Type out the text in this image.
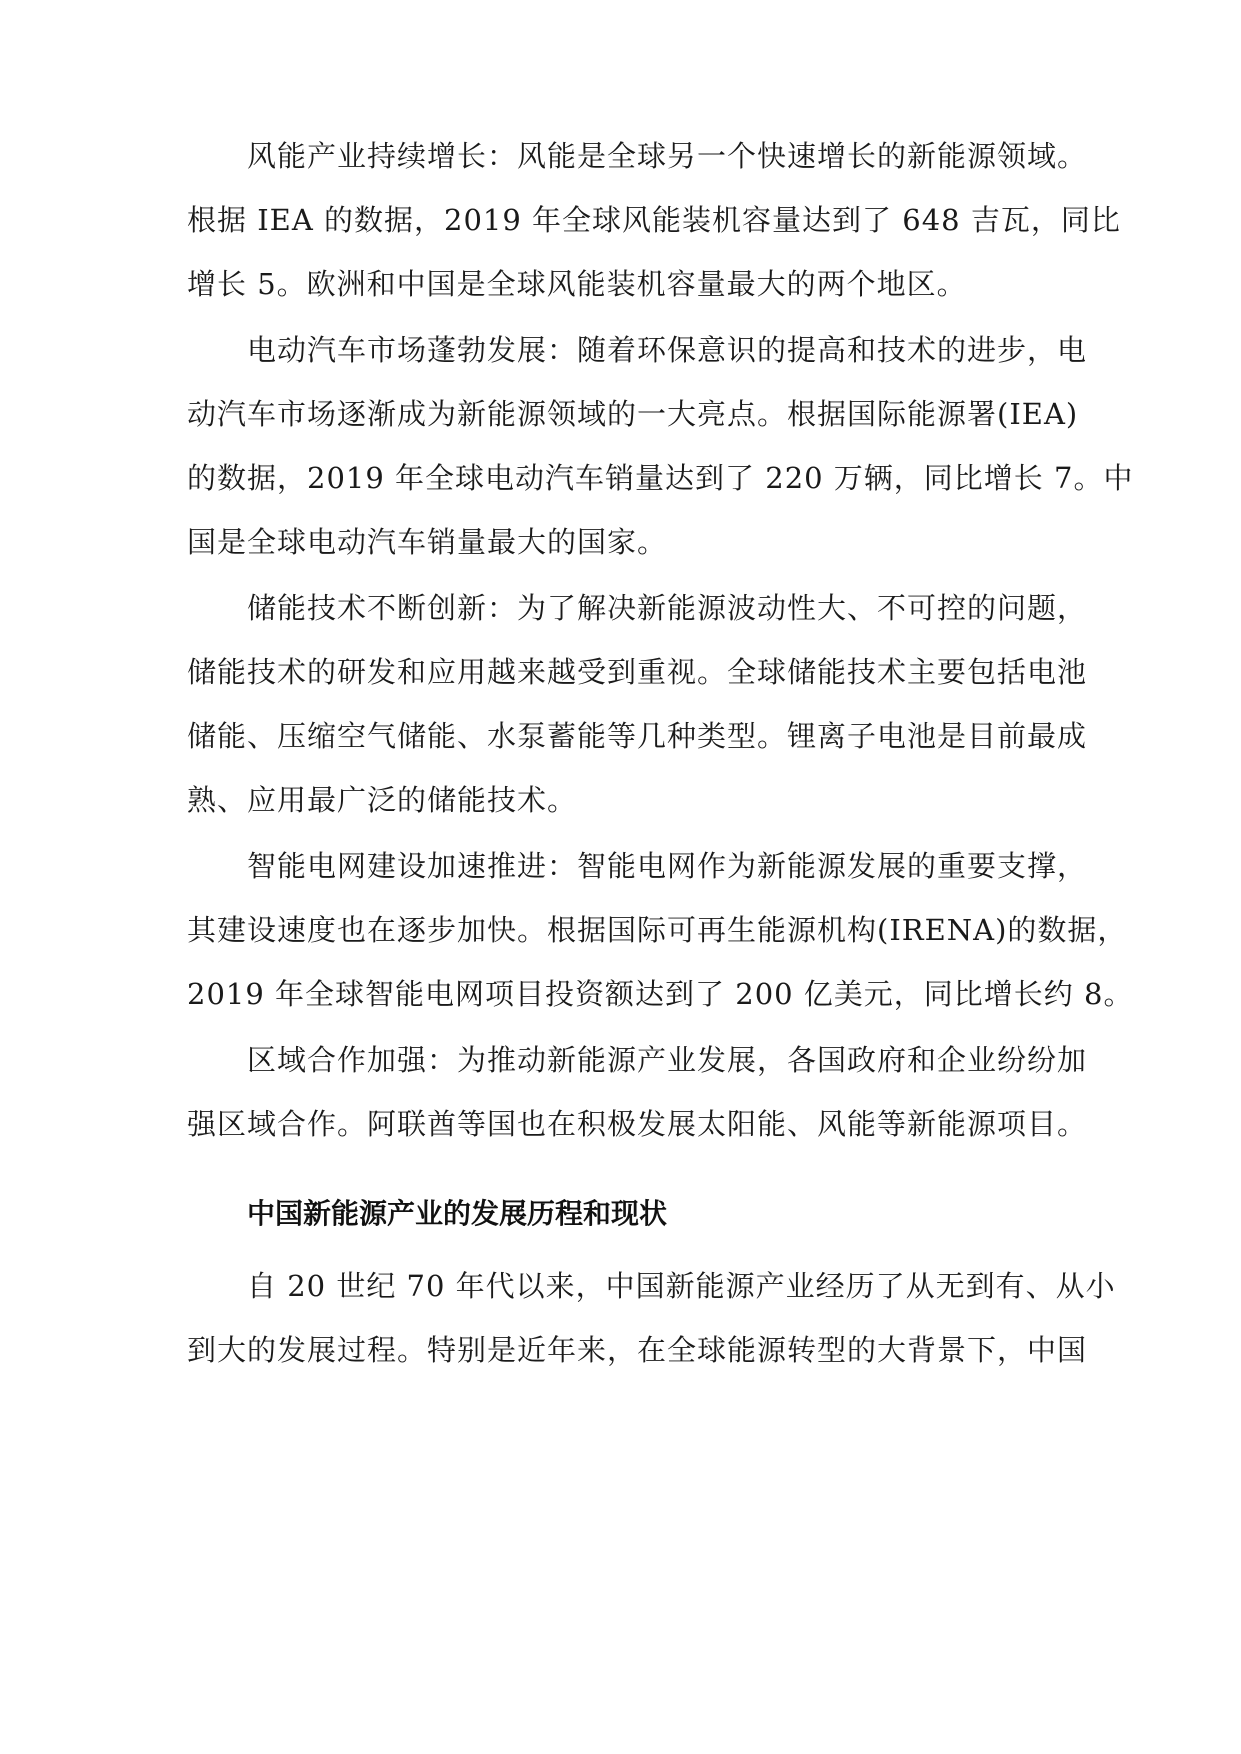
风能产业持续增长：风能是全球另一个快速增长的新能源领域。
根据 IEA 的数据，2019 年全球风能装机容量达到了 648 吉瓦，同比
增长 5。欧洲和中国是全球风能装机容量最大的两个地区。
电动汽车市场蓬勃发展：随着环保意识的提高和技术的进步，电
动汽车市场逐渐成为新能源领域的一大亮点。根据国际能源署(IEA)
的数据，2019 年全球电动汽车销量达到了 220 万辆，同比增长 7。中
国是全球电动汽车销量最大的国家。
储能技术不断创新：为了解决新能源波动性大、不可控的问题，
储能技术的研发和应用越来越受到重视。全球储能技术主要包括电池
储能、压缩空气储能、水泵蓄能等几种类型。锂离子电池是目前最成
熟、应用最广泛的储能技术。
智能电网建设加速推进：智能电网作为新能源发展的重要支撑，
其建设速度也在逐步加快。根据国际可再生能源机构(IRENA)的数据，
2019 年全球智能电网项目投资额达到了 200 亿美元，同比增长约 8。
区域合作加强：为推动新能源产业发展，各国政府和企业纷纷加
强区域合作。阿联酋等国也在积极发展太阳能、风能等新能源项目。
中国新能源产业的发展历程和现状
自 20 世纪 70 年代以来，中国新能源产业经历了从无到有、从小
到大的发展过程。特别是近年来，在全球能源转型的大背景下，中国
